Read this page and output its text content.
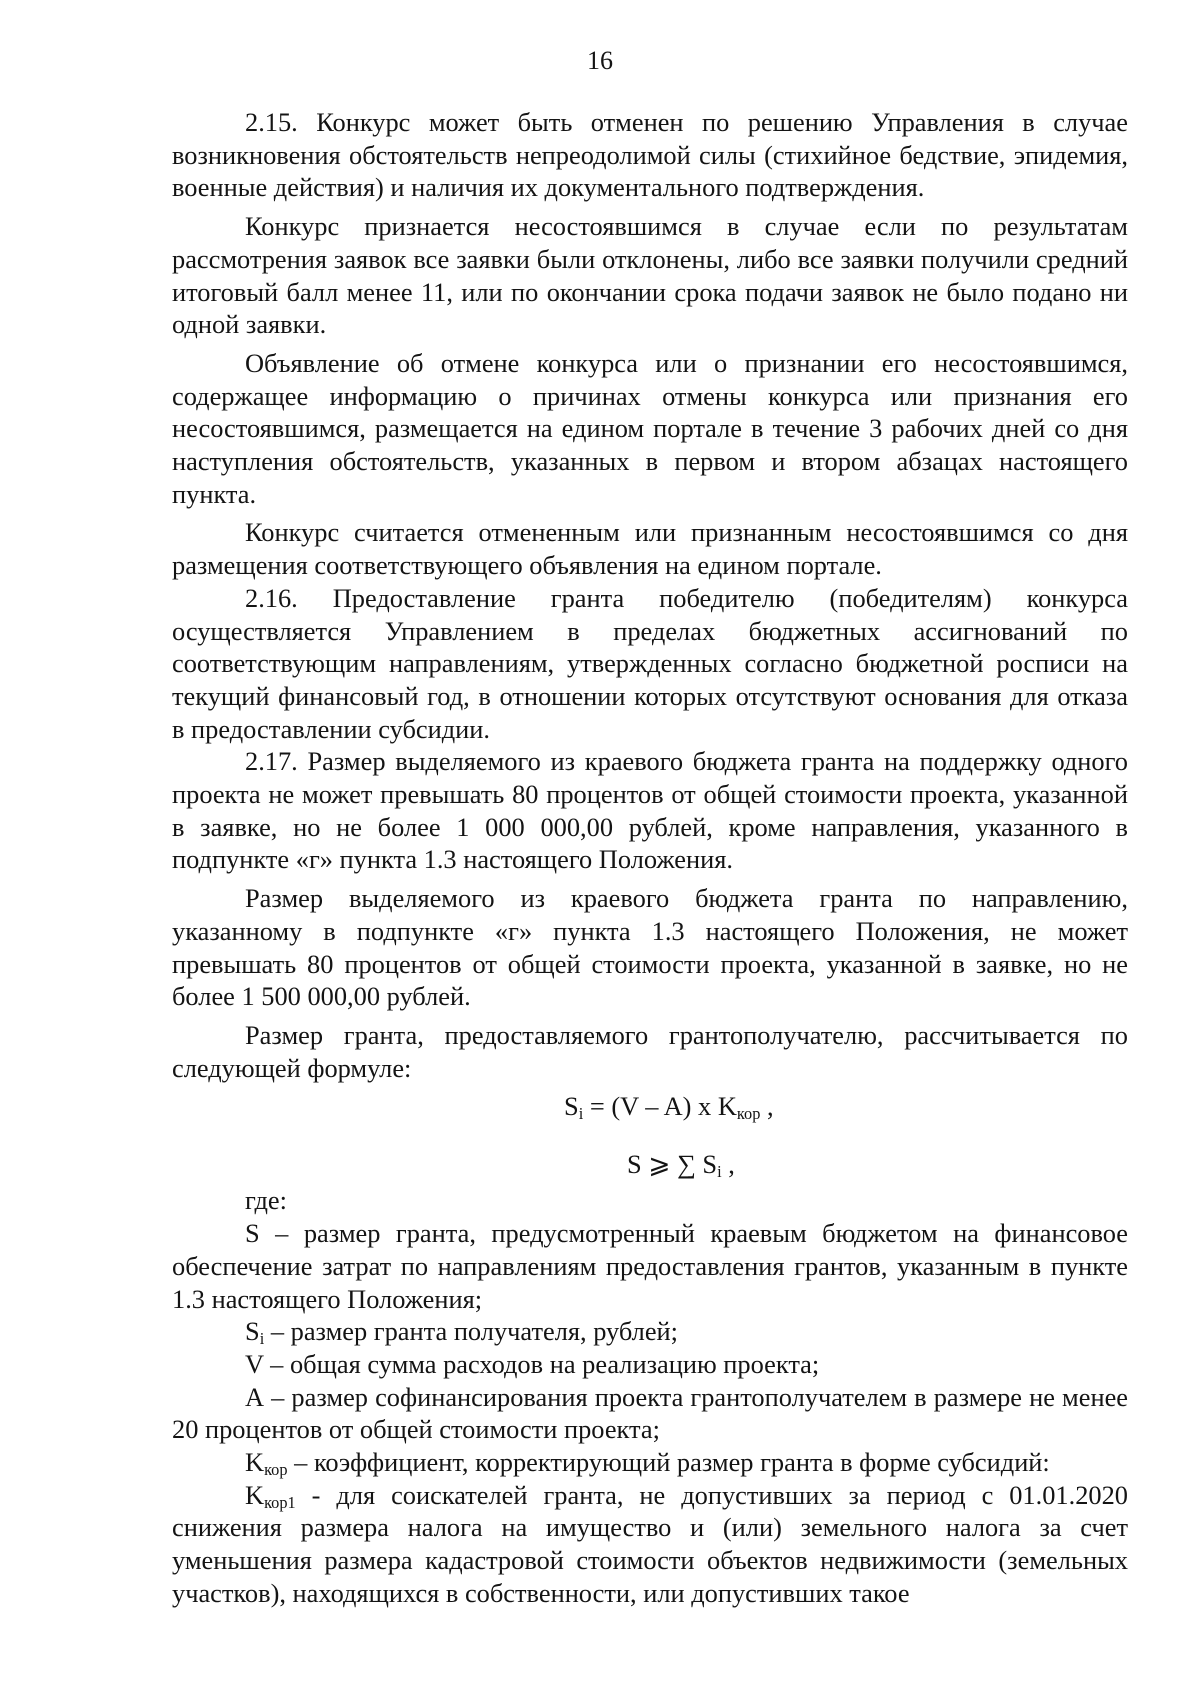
16

2.15. Конкурс может быть отменен по решению Управления в случае возникновения обстоятельств непреодолимой силы (стихийное бедствие, эпидемия, военные действия) и наличия их документального подтверждения.

Конкурс признается несостоявшимся в случае если по результатам рассмотрения заявок все заявки были отклонены, либо все заявки получили средний итоговый балл менее 11, или по окончании срока подачи заявок не было подано ни одной заявки.

Объявление об отмене конкурса или о признании его несостоявшимся, содержащее информацию о причинах отмены конкурса или признания его несостоявшимся, размещается на едином портале в течение 3 рабочих дней со дня наступления обстоятельств, указанных в первом и втором абзацах настоящего пункта.

Конкурс считается отмененным или признанным несостоявшимся со дня размещения соответствующего объявления на едином портале.

2.16. Предоставление гранта победителю (победителям) конкурса осуществляется Управлением в пределах бюджетных ассигнований по соответствующим направлениям, утвержденных согласно бюджетной росписи на текущий финансовый год, в отношении которых отсутствуют основания для отказа в предоставлении субсидии.

2.17. Размер выделяемого из краевого бюджета гранта на поддержку одного проекта не может превышать 80 процентов от общей стоимости проекта, указанной в заявке, но не более 1 000 000,00 рублей, кроме направления, указанного в подпункте «г» пункта 1.3 настоящего Положения.

Размер выделяемого из краевого бюджета гранта по направлению, указанному в подпункте «г» пункта 1.3 настоящего Положения, не может превышать 80 процентов от общей стоимости проекта, указанной в заявке, но не более 1 500 000,00 рублей.

Размер гранта, предоставляемого грантополучателю, рассчитывается по следующей формуле:

$S_i = (V - A)$ x $K_{кор}$ ,

S ⩾ ∑ $S_i$ ,

где:

S – размер гранта, предусмотренный краевым бюджетом на финансовое обеспечение затрат по направлениям предоставления грантов, указанным в пункте 1.3 настоящего Положения;

$S_i$ – размер гранта получателя, рублей;

V – общая сумма расходов на реализацию проекта;

А – размер софинансирования проекта грантополучателем в размере не менее 20 процентов от общей стоимости проекта;

$K_{кор}$ – коэффициент, корректирующий размер гранта в форме субсидий:

$K_{кор1}$ - для соискателей гранта, не допустивших за период с 01.01.2020 снижения размера налога на имущество и (или) земельного налога за счет уменьшения размера кадастровой стоимости объектов недвижимости (земельных участков), находящихся в собственности, или допустивших такое
